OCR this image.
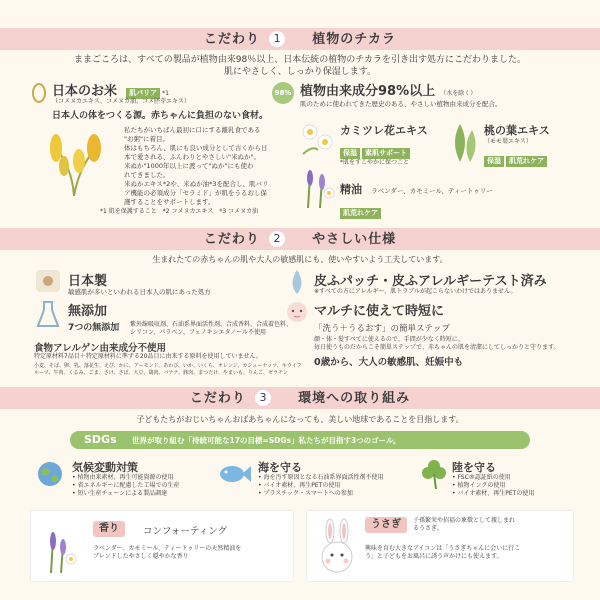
こだわり 1 植物のチカラ
ままごころは、すべての製品が植物由来98％以上、日本伝統の植物のチカラを引き出す処方にこだわりました。
肌にやさしく、しっかり保湿します。
日本のお米 肌バリア *1
（コメヌカエキス、コメヌカ油、コメ胚芽エキス）
日本人の体をつくる源。赤ちゃんに負担のない食材。
私たちがいちばん最初に口にする離乳食である
"お粥"に着目。
体はもちろん、肌にも良い成分として古くから日
本で愛される、ふんわりとやさしい"米ぬか"。
米ぬか"1000年以上に渡って"ぬか"にも使わ
れてきました。
米ぬかエキス*2や、米ぬか油*3を配合し、肌バリ
ア機能の必須成分「セラミド」が肌をうるおし保
護することをサポートします。
*1 肌を保護すること　*2 コメヌカエキス　*3 コメヌカ油
98% 植物由来成分98%以上 （水を除く）
肌のために使われてきた歴史のある、やさしい植物由来成分を配合。
カミツレ花エキス
保湿 素肌サポート
*肌をすこやかに保つこと
桃の葉エキス
（モモ葉エキス）
保湿 肌荒れケア
精油 ラベンダー、カモミール、ティートゥリー
肌荒れケア
こだわり 2 やさしい仕様
生まれたての赤ちゃんの肌や大人の敏感肌にも、使いやすいよう工夫しています。
日本製
敏感肌が多いといわれる日本人の肌にあった処方
無添加
7つの無添加 紫外線吸収剤、石油系界面活性剤、合成香料、合成着色料、
シリコン、パラベン、フェノキシエタノール不使用
食物アレルゲン由来成分不使用
特定原材料7品目＋特定原材料に準ずる20品目に由来する原料を使用していません。
小麦、そば、卵、乳、落花生、えび、かに、アーモンド、あわび、いか、いくら、オレンジ、カシューナッツ、キウイフルーツ、牛肉、くるみ、ごま、さけ、さば、大豆、鶏肉、バナナ、豚肉、まつたけ、やまいも、りんご、ゼラチン
皮ふパッチ・皮ふアレルギーテスト済み
※すべての方にアレルギー、肌トラブルが起こらないわけではありません。
マルチに使えて時短に
「洗う＋うるおす」の簡単ステップ
顔・体・髪すべてに使えるので、手間が少なく時短に。
毎日使うものだからこそ簡単ステップで、赤ちゃんの肌を清潔にしてしっかりと守ります。
0歳から、大人の敏感肌、妊娠中も
こだわり 3 環境への取り組み
子どもたちがおじいちゃんおばあちゃんになっても、美しい地球であることを目指します。
SDGs 世界が取り組む「持続可能な17の目標=SDGs」私たちが目指す3つのゴール。
気候変動対策
• 植物由来素材、再生可能資源の使用
• 省エネルギーに配慮した工場での生産
• 短い生産チェーンによる製品調達
海を守る
• 海を汚す原因となる石油系界面活性剤不使用
• バイオ素材、再生PETの使用
• プラスチック・スマートへの参加
陸を守る
• FSC®認証紙の使用
• 植物インクの使用
• バイオ素材、再生PETの使用
香り	コンフォーティング
ラベンダー、カモミール、ティートゥリーの天然精油を
ブレンドしたやさしく穏やかな香り
うさぎ	子孫繁栄や招福の象徴として親しまれ
るうさぎ。
興味を育む大きなアイコンは「うさぎちゃんに会いに行こ
う」と子どもをお風呂に誘う声かけにも使えます。
